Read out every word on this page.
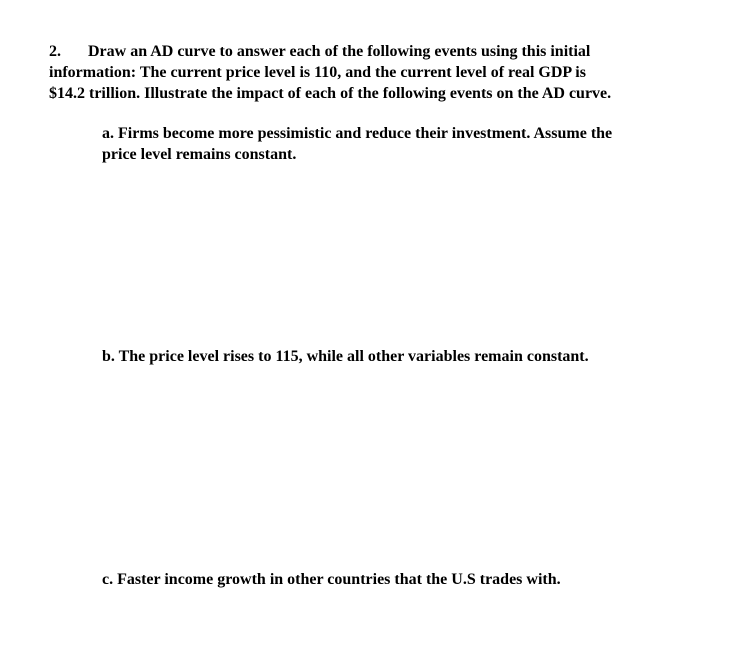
2. Draw an AD curve to answer each of the following events using this initial
information: The current price level is 110, and the current level of real GDP is
$14.2 trillion. Illustrate the impact of each of the following events on the AD curve.
a. Firms become more pessimistic and reduce their investment. Assume the
price level remains constant.
b. The price level rises to 115, while all other variables remain constant.
c. Faster income growth in other countries that the U.S trades with.
